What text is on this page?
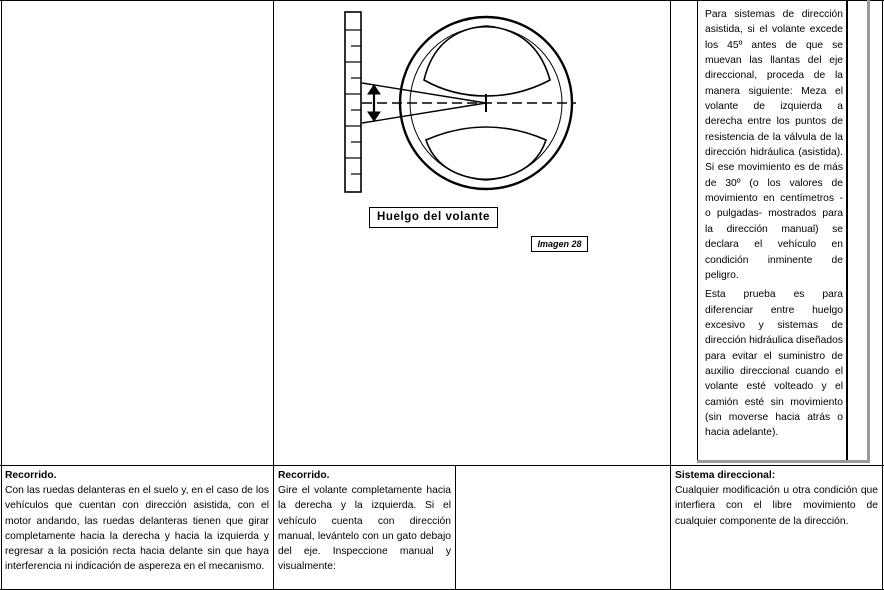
Huelgo del volante
Imagen 28

Para sistemas de dirección asistida, si el volante excede los 45º antes de que se muevan las llantas del eje direccional, proceda de la manera siguiente: Meza el volante de izquierda a derecha entre los puntos de resistencia de la válvula de la dirección hidráulica (asistida). Si ese movimiento es de más de 30º (o los valores de movimiento en centímetros - o pulgadas- mostrados para la dirección manual) se declara el vehículo en condición inminente de peligro.

Esta prueba es para diferenciar entre huelgo excesivo y sistemas de dirección hidráulica diseñados para evitar el suministro de auxilio direccional cuando el volante esté volteado y el camión esté sin movimiento (sin moverse hacia atrás o hacia adelante).

Recorrido.

Con las ruedas delanteras en el suelo y, en el caso de los vehículos que cuentan con dirección asistida, con el motor andando, las ruedas delanteras tienen que girar completamente hacia la derecha y hacia la izquierda y regresar a la posición recta hacia delante sin que haya interferencia ni indicación de aspereza en el mecanismo.

Recorrido.

Gire el volante completamente hacia la derecha y la izquierda. Si el vehículo cuenta con dirección manual, levántelo con un gato debajo del eje. Inspeccione manual y visualmente:

Sistema direccional:

Cualquier modificación u otra condición que interfiera con el libre movimiento de cualquier componente de la dirección.
